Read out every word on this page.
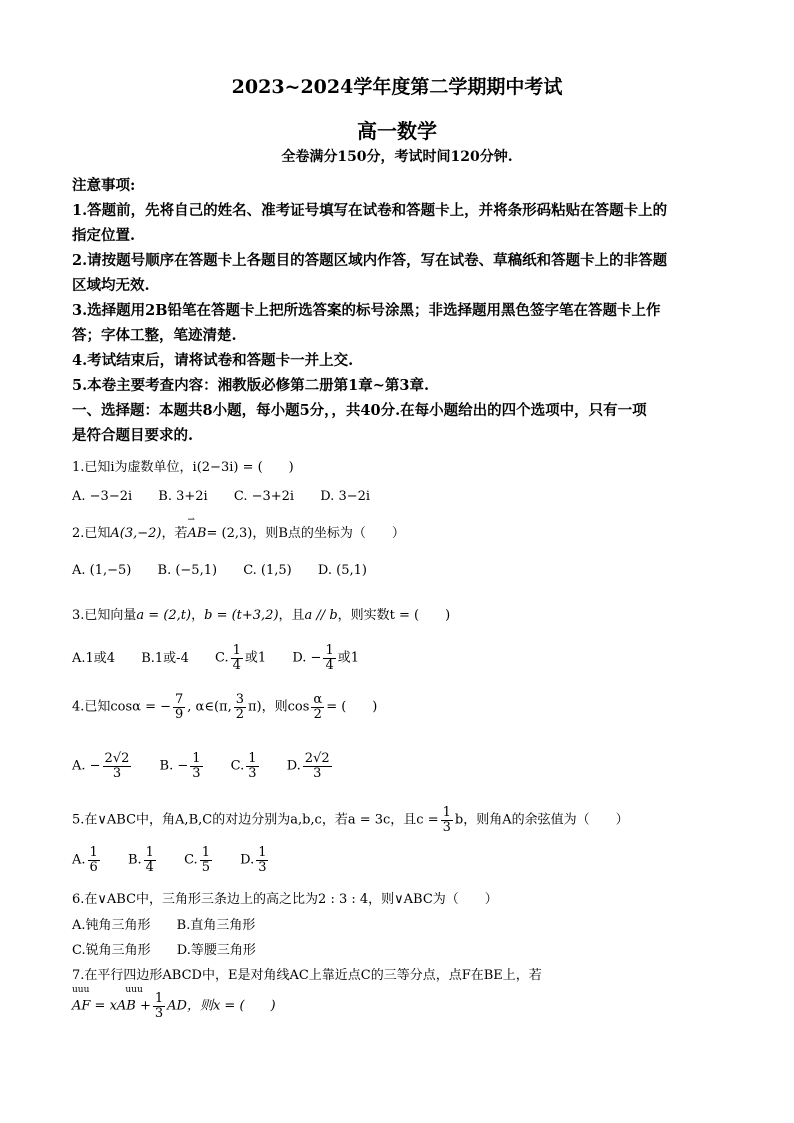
2023~2024学年度第二学期期中考试
高一数学
全卷满分150分，考试时间120分钟.
注意事项:
1.答题前，先将自己的姓名、准考证号填写在试卷和答题卡上，并将条形码粘贴在答题卡上的
指定位置.
2.请按题号顺序在答题卡上各题目的答题区域内作答，写在试卷、草稿纸和答题卡上的非答题
区域均无效.
3.选择题用2B铅笔在答题卡上把所选答案的标号涂黑；非选择题用黑色签字笔在答题卡上作
答；字体工整，笔迹清楚.
4.考试结束后，请将试卷和答题卡一并上交.
5.本卷主要考查内容：湘教版必修第二册第1章~第3章.
一、选择题：本题共8小题，每小题5分，，共40分.在每小题给出的四个选项中，只有一项
是符合题目要求的.
1.已知i为虚数单位，i(2−3i) = (　　)
A. −3−2i B. 3+2i C. −3+2i D. 3−2i
2.已知A(3,−2)，若⇀ AB= (2,3)，则B点的坐标为（　　）
A. (1,−5) B. (−5,1) C. (1,5) D. (5,1)
3.已知向量a = (2,t)，b = (t+3,2)，且a // b，则实数t = (　　)
A.1或4 B.1或-4 C. $\frac{1}{4}$ 或1 D. − $\frac{1}{4}$ 或1
4.已知cosα = − $\frac{7}{9}$ , α∈(π, $\frac{3}{2} \pi$)，则$\cos \frac{\alpha}{2}$ = (　　)
A. − $\frac{2√2}{3} B$. − $\frac{1}{3} C$. $\frac{1}{3} D$. $\frac{2√2}{3}$
5.在∨ABC中，角A,B,C的对边分别为a,b,c，若a = 3c，且$c = \frac{1}{3}$ b，则角A的余弦值为（　　）
A. $\frac{1}{6} B$. $\frac{1}{4} C$. $\frac{1}{5} D$. $\frac{1}{3}$
6.在∨ABC中，三角形三条边上的高之比为2 : 3 : 4，则∨ABC为（　　）
A.钝角三角形 B.直角三角形
C.锐角三角形 D.等腰三角形
7.在平行四边形ABCD中，E是对角线AC上靠近点C的三等分点，点F在BE上，若
uuu　　　　uuu
AF = xAB + $\frac{1}{3}$ AD，则x = (　　)
